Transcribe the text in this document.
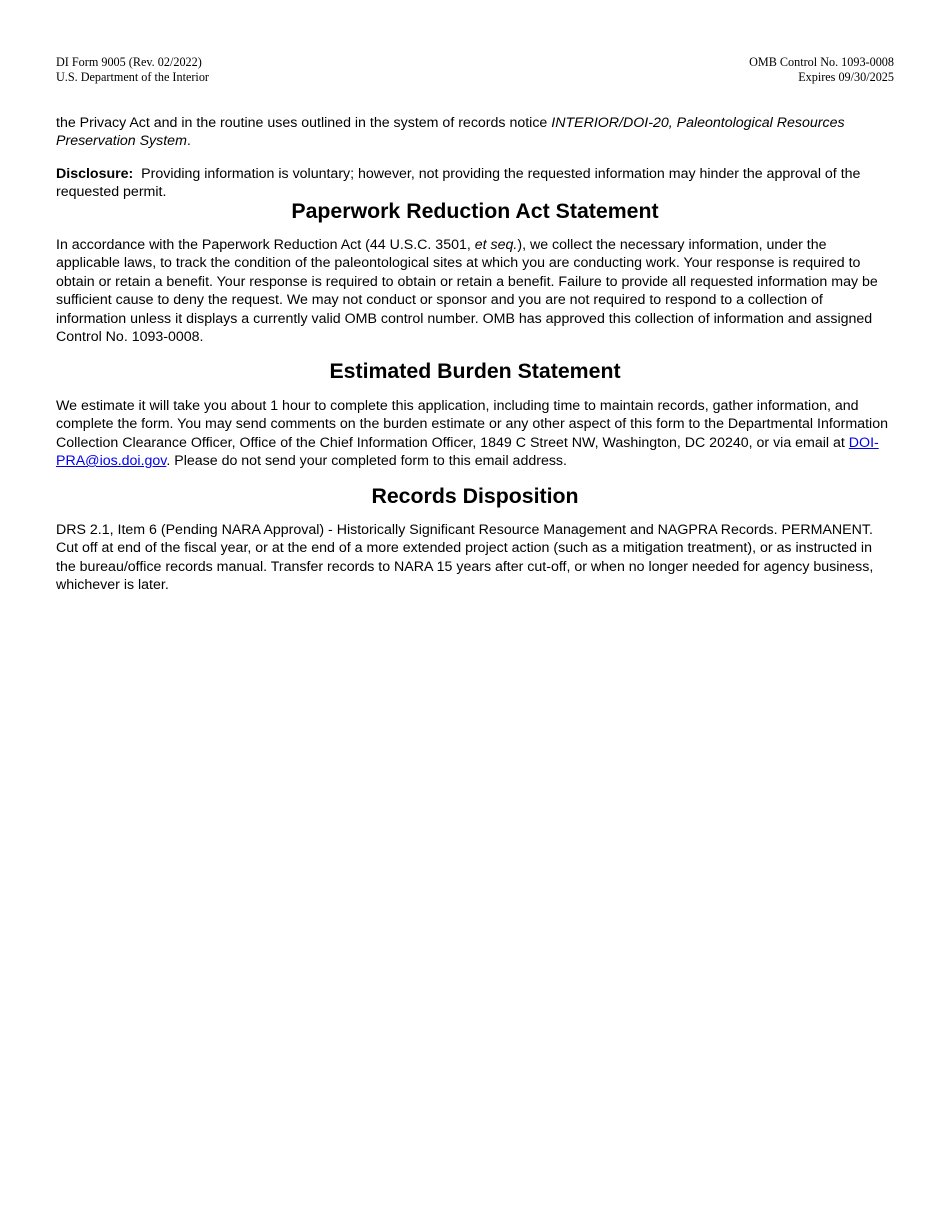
DI Form 9005 (Rev. 02/2022)
U.S. Department of the Interior
OMB Control No. 1093-0008
Expires 09/30/2025

the Privacy Act and in the routine uses outlined in the system of records notice INTERIOR/DOI-20, Paleontological Resources Preservation System.

Disclosure: Providing information is voluntary; however, not providing the requested information may hinder the approval of the requested permit.

Paperwork Reduction Act Statement

In accordance with the Paperwork Reduction Act (44 U.S.C. 3501, et seq.), we collect the necessary information, under the applicable laws, to track the condition of the paleontological sites at which you are conducting work. Your response is required to obtain or retain a benefit. Your response is required to obtain or retain a benefit. Failure to provide all requested information may be sufficient cause to deny the request. We may not conduct or sponsor and you are not required to respond to a collection of information unless it displays a currently valid OMB control number. OMB has approved this collection of information and assigned Control No. 1093-0008.

Estimated Burden Statement

We estimate it will take you about 1 hour to complete this application, including time to maintain records, gather information, and complete the form. You may send comments on the burden estimate or any other aspect of this form to the Departmental Information Collection Clearance Officer, Office of the Chief Information Officer, 1849 C Street NW, Washington, DC 20240, or via email at DOI-PRA@ios.doi.gov. Please do not send your completed form to this email address.

Records Disposition

DRS 2.1, Item 6 (Pending NARA Approval) - Historically Significant Resource Management and NAGPRA Records. PERMANENT. Cut off at end of the fiscal year, or at the end of a more extended project action (such as a mitigation treatment), or as instructed in the bureau/office records manual. Transfer records to NARA 15 years after cut-off, or when no longer needed for agency business, whichever is later.
